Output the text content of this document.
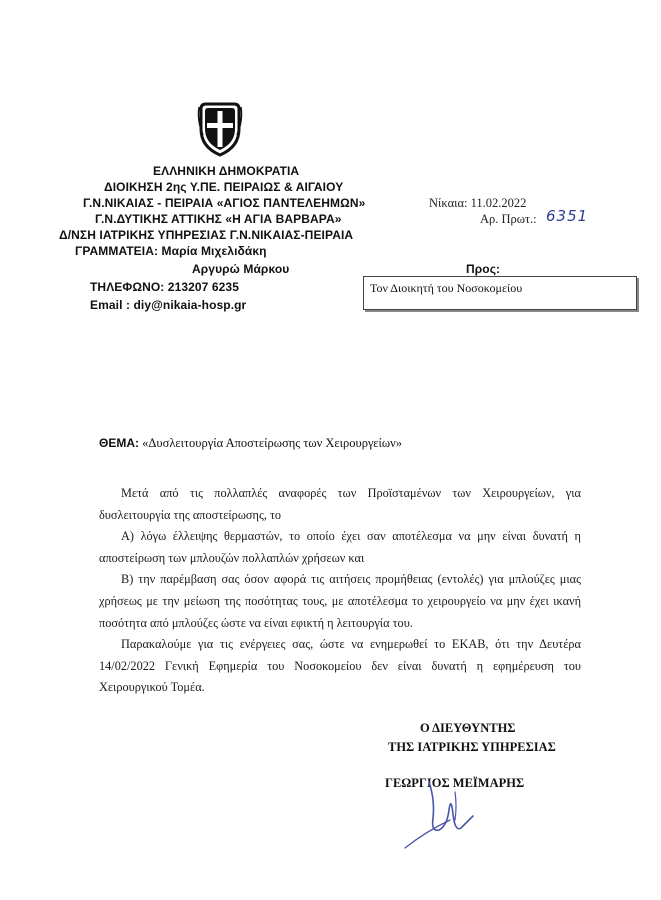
ΕΛΛΗΝΙΚΗ ΔΗΜΟΚΡΑΤΙΑ
ΔΙΟΙΚΗΣΗ 2ης Υ.ΠΕ. ΠΕΙΡΑΙΩΣ & ΑΙΓΑΙΟΥ
Γ.Ν.ΝΙΚΑΙΑΣ - ΠΕΙΡΑΙΑ «ΑΓΙΟΣ ΠΑΝΤΕΛΕΗΜΩΝ»
Γ.Ν.ΔΥΤΙΚΗΣ ΑΤΤΙΚΗΣ «Η ΑΓΙΑ ΒΑΡΒΑΡΑ»
Δ/ΝΣΗ ΙΑΤΡΙΚΗΣ ΥΠΗΡΕΣΙΑΣ Γ.Ν.ΝΙΚΑΙΑΣ-ΠΕΙΡΑΙΑ
ΓΡΑΜΜΑΤΕΙΑ: Μαρία Μιχελιδάκη
Αργυρώ Μάρκου
ΤΗΛΕΦΩΝΟ: 213207 6235
Email : diy@nikaia-hosp.gr
Νίκαια: 11.02.2022
Αρ. Πρωτ.: 6351
Προς:
Τον Διοικητή του Νοσοκομείου
ΘΕΜΑ: «Δυσλειτουργία Αποστείρωσης των Χειρουργείων»

Μετά από τις πολλαπλές αναφορές των Προϊσταμένων των Χειρουργείων, για δυσλειτουργία της αποστείρωσης, το

Α) λόγω έλλειψης θερμαστών, το οποίο έχει σαν αποτέλεσμα να μην είναι δυνατή η αποστείρωση των μπλουζών πολλαπλών χρήσεων και

Β) την παρέμβαση σας όσον αφορά τις αιτήσεις προμήθειας (εντολές) για μπλούζες μιας χρήσεως με την μείωση της ποσότητας τους, με αποτέλεσμα το χειρουργείο να μην έχει ικανή ποσότητα από μπλούζες ώστε να είναι εφικτή η λειτουργία του.

Παρακαλούμε για τις ενέργειες σας, ώστε να ενημερωθεί το ΕΚΑΒ, ότι την Δευτέρα 14/02/2022 Γενική Εφημερία του Νοσοκομείου δεν είναι δυνατή η εφημέρευση του Χειρουργικού Τομέα.

Ο ΔΙΕΥΘΥΝΤΗΣ
ΤΗΣ ΙΑΤΡΙΚΗΣ ΥΠΗΡΕΣΙΑΣ
ΓΕΩΡΓΙΟΣ ΜΕΪΜΑΡΗΣ
